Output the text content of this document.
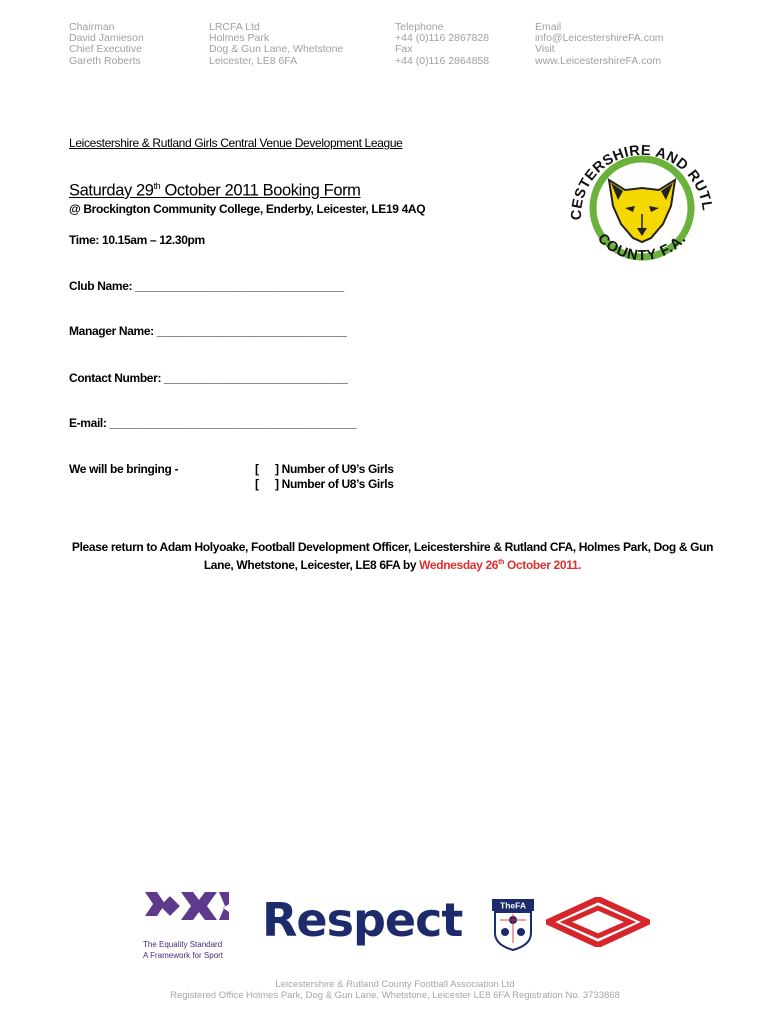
Chairman
David Jamieson
Chief Executive
Gareth Roberts
LRCFA Ltd
Holmes Park
Dog & Gun Lane, Whetstone
Leicester, LE8 6FA
Telephone
+44 (0)116 2867828
Fax
+44 (0)116 2864858
Email
info@LeicestershireFA.com
Visit
www.LeicestershireFA.com
CESTERSHIRE AND RUTL
COUNTY F.A.
Leicestershire & Rutland Girls Central Venue Development League
Saturday 29th October 2011 Booking Form
@ Brockington Community College, Enderby, Leicester, LE19 4AQ
Time: 10.15am – 12.30pm
Club Name: _________________________________
Manager Name: ______________________________
Contact Number: _____________________________
E-mail: _______________________________________
We will be bringing -	[ ] Number of U9’s Girls
[ ] Number of U8’s Girls
Please return to Adam Holyoake, Football Development Officer, Leicestershire & Rutland CFA, Holmes Park, Dog & Gun Lane, Whetstone, Leicester, LE8 6FA by Wednesday 26th October 2011.
The Equality Standard
A Framework for Sport
Respect	TheFA
Leicestershire & Rutland County Football Association Ltd
Registered Office Holmes Park, Dog & Gun Lane, Whetstone, Leicester LE8 6FA Registration No. 3733868
